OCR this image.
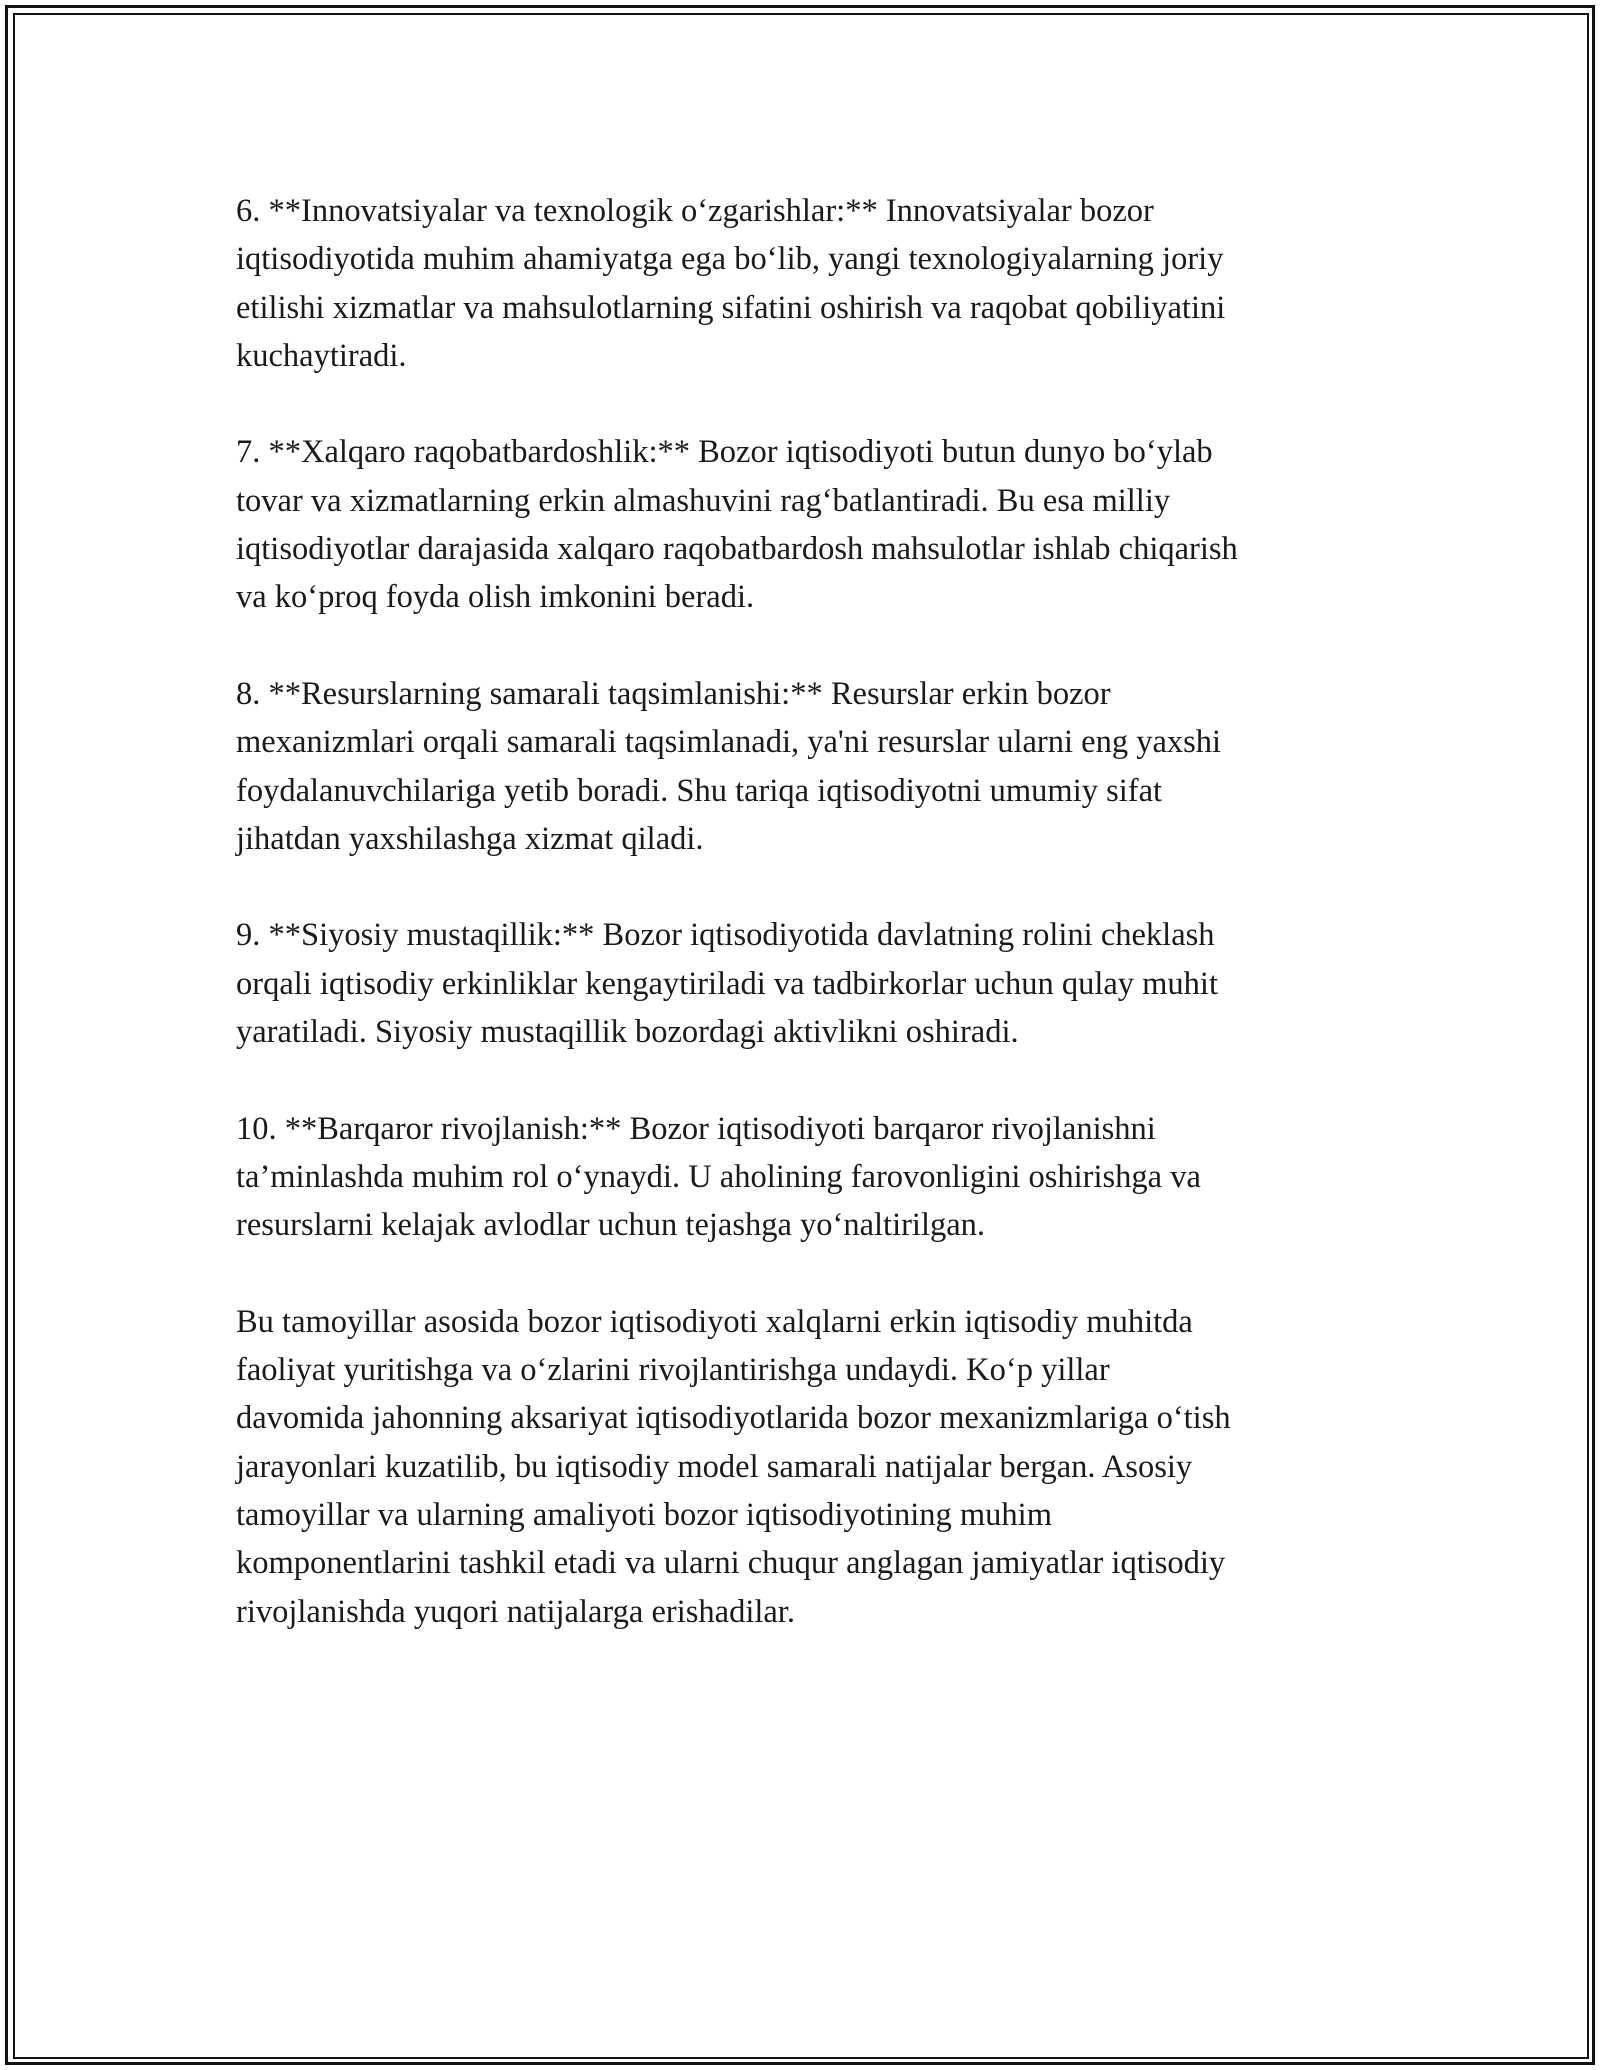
6. **Innovatsiyalar va texnologik o‘zgarishlar:** Innovatsiyalar bozor
iqtisodiyotida muhim ahamiyatga ega bo‘lib, yangi texnologiyalarning joriy
etilishi xizmatlar va mahsulotlarning sifatini oshirish va raqobat qobiliyatini
kuchaytiradi.

7. **Xalqaro raqobatbardoshlik:** Bozor iqtisodiyoti butun dunyo bo‘ylab
tovar va xizmatlarning erkin almashuvini rag‘batlantiradi. Bu esa milliy
iqtisodiyotlar darajasida xalqaro raqobatbardosh mahsulotlar ishlab chiqarish
va ko‘proq foyda olish imkonini beradi.

8. **Resurslarning samarali taqsimlanishi:** Resurslar erkin bozor
mexanizmlari orqali samarali taqsimlanadi, ya'ni resurslar ularni eng yaxshi
foydalanuvchilariga yetib boradi. Shu tariqa iqtisodiyotni umumiy sifat
jihatdan yaxshilashga xizmat qiladi.

9. **Siyosiy mustaqillik:** Bozor iqtisodiyotida davlatning rolini cheklash
orqali iqtisodiy erkinliklar kengaytiriladi va tadbirkorlar uchun qulay muhit
yaratiladi. Siyosiy mustaqillik bozordagi aktivlikni oshiradi.

10. **Barqaror rivojlanish:** Bozor iqtisodiyoti barqaror rivojlanishni
ta’minlashda muhim rol o‘ynaydi. U aholining farovonligini oshirishga va
resurslarni kelajak avlodlar uchun tejashga yo‘naltirilgan.

Bu tamoyillar asosida bozor iqtisodiyoti xalqlarni erkin iqtisodiy muhitda
faoliyat yuritishga va o‘zlarini rivojlantirishga undaydi. Ko‘p yillar
davomida jahonning aksariyat iqtisodiyotlarida bozor mexanizmlariga o‘tish
jarayonlari kuzatilib, bu iqtisodiy model samarali natijalar bergan. Asosiy
tamoyillar va ularning amaliyoti bozor iqtisodiyotining muhim
komponentlarini tashkil etadi va ularni chuqur anglagan jamiyatlar iqtisodiy
rivojlanishda yuqori natijalarga erishadilar.
